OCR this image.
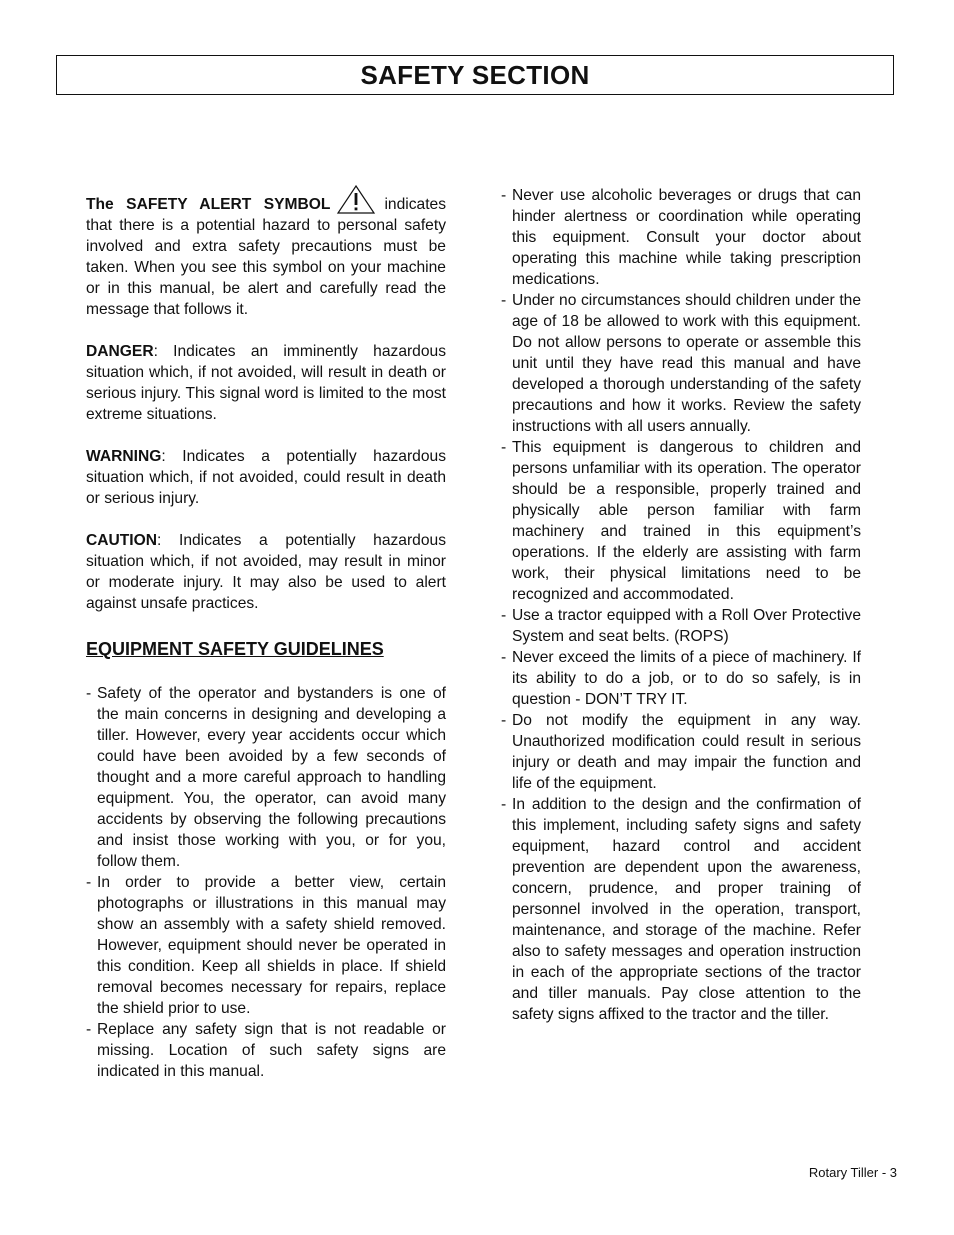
SAFETY SECTION

The SAFETY ALERT SYMBOL	indicates that there is a potential hazard to personal safety involved and extra safety precautions must be taken. When you see this symbol on your machine or in this manual, be alert and carefully read the message that follows it.

DANGER: Indicates an imminently hazardous situation which, if not avoided, will result in death or serious injury. This signal word is limited to the most extreme situations.

WARNING: Indicates a potentially hazardous situation which, if not avoided, could result in death or serious injury.

CAUTION: Indicates a potentially hazardous situation which, if not avoided, may result in minor or moderate injury. It may also be used to alert against unsafe practices.

EQUIPMENT SAFETY GUIDELINES
- Safety of the operator and bystanders is one of the main concerns in designing and developing a tiller. However, every year accidents occur which could have been avoided by a few seconds of thought and a more careful approach to handling equipment. You, the operator, can avoid many accidents by observing the following precautions and insist those working with you, or for you, follow them.
- In order to provide a better view, certain photographs or illustrations in this manual may show an assembly with a safety shield removed. However, equipment should never be operated in this condition. Keep all shields in place. If shield removal becomes necessary for repairs, replace the shield prior to use.
- Replace any safety sign that is not readable or missing. Location of such safety signs are indicated in this manual.
- Never use alcoholic beverages or drugs that can hinder alertness or coordination while operating this equipment. Consult your doctor about operating this machine while taking prescription medications.
- Under no circumstances should children under the age of 18 be allowed to work with this equipment. Do not allow persons to operate or assemble this unit until they have read this manual and have developed a thorough understanding of the safety precautions and how it works. Review the safety instructions with all users annually.
- This equipment is dangerous to children and persons unfamiliar with its operation. The operator should be a responsible, properly trained and physically able person familiar with farm machinery and trained in this equipment’s operations. If the elderly are assisting with farm work, their physical limitations need to be recognized and accommodated.
- Use a tractor equipped with a Roll Over Protective System and seat belts. (ROPS)
- Never exceed the limits of a piece of machinery. If its ability to do a job, or to do so safely, is in question - DON’T TRY IT.
- Do not modify the equipment in any way. Unauthorized modification could result in serious injury or death and may impair the function and life of the equipment.
- In addition to the design and the confirmation of this implement, including safety signs and safety equipment, hazard control and accident prevention are dependent upon the awareness, concern, prudence, and proper training of personnel involved in the operation, transport, maintenance, and storage of the machine. Refer also to safety messages and operation instruction in each of the appropriate sections of the tractor and tiller manuals. Pay close attention to the safety signs affixed to the tractor and the tiller.
Rotary Tiller - 3
